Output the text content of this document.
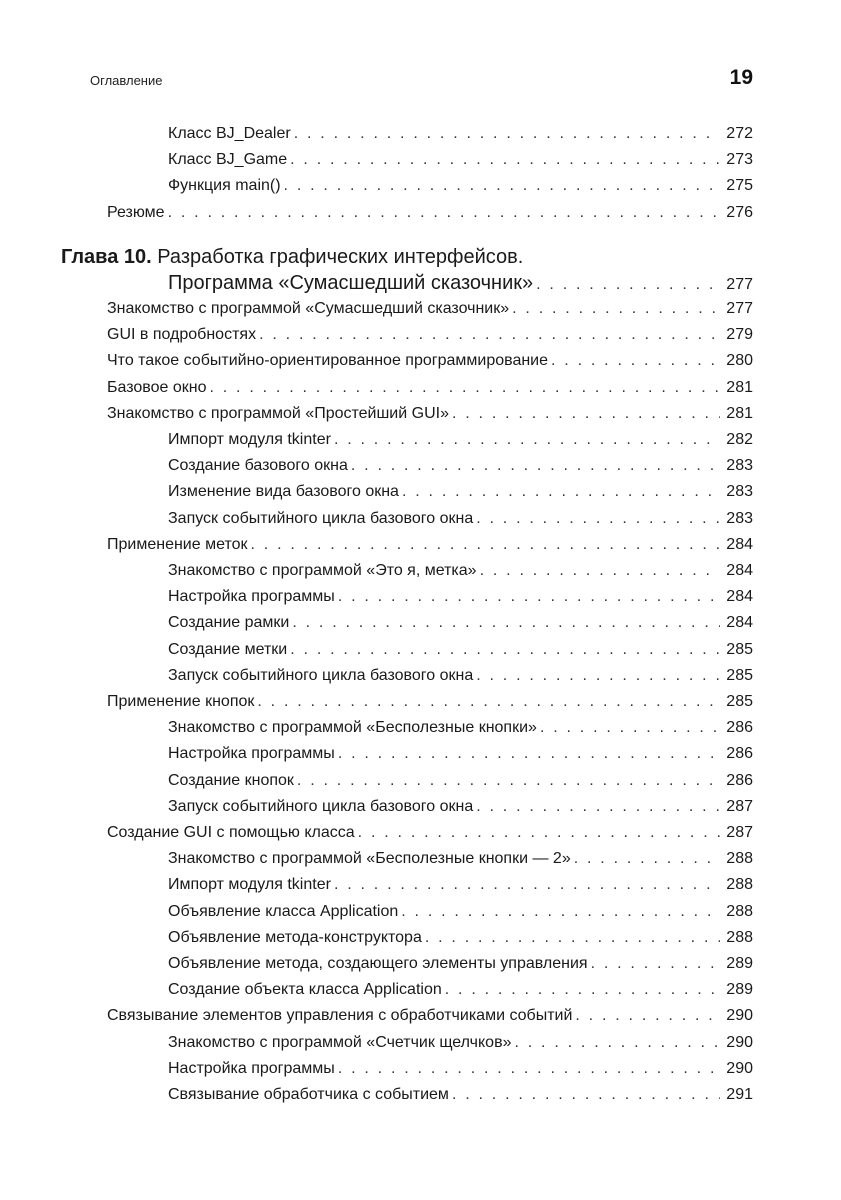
Оглавление	19
Класс BJ_Dealer . . .	272
Класс BJ_Game . . .	273
Функция main() . . .	275
Резюме . . .	276
Глава 10. Разработка графических интерфейсов.
Программа «Сумасшедший сказочник» . . .	277
Знакомство с программой «Сумасшедший сказочник» . . .	277
GUI в подробностях . . .	279
Что такое событийно-ориентированное программирование . . .	280
Базовое окно . . .	281
Знакомство с программой «Простейший GUI» . . .	281
Импорт модуля tkinter . . .	282
Создание базового окна . . .	283
Изменение вида базового окна . . .	283
Запуск событийного цикла базового окна . . .	283
Применение меток . . .	284
Знакомство с программой «Это я, метка» . . .	284
Настройка программы . . .	284
Создание рамки . . .	284
Создание метки . . .	285
Запуск событийного цикла базового окна . . .	285
Применение кнопок . . .	285
Знакомство с программой «Бесполезные кнопки» . . .	286
Настройка программы . . .	286
Создание кнопок . . .	286
Запуск событийного цикла базового окна . . .	287
Создание GUI с помощью класса . . .	287
Знакомство с программой «Бесполезные кнопки — 2» . . .	288
Импорт модуля tkinter . . .	288
Объявление класса Application . . .	288
Объявление метода-конструктора . . .	288
Объявление метода, создающего элементы управления . . .	289
Создание объекта класса Application . . .	289
Связывание элементов управления с обработчиками событий . . .	290
Знакомство с программой «Счетчик щелчков» . . .	290
Настройка программы . . .	290
Связывание обработчика с событием . . .	291
